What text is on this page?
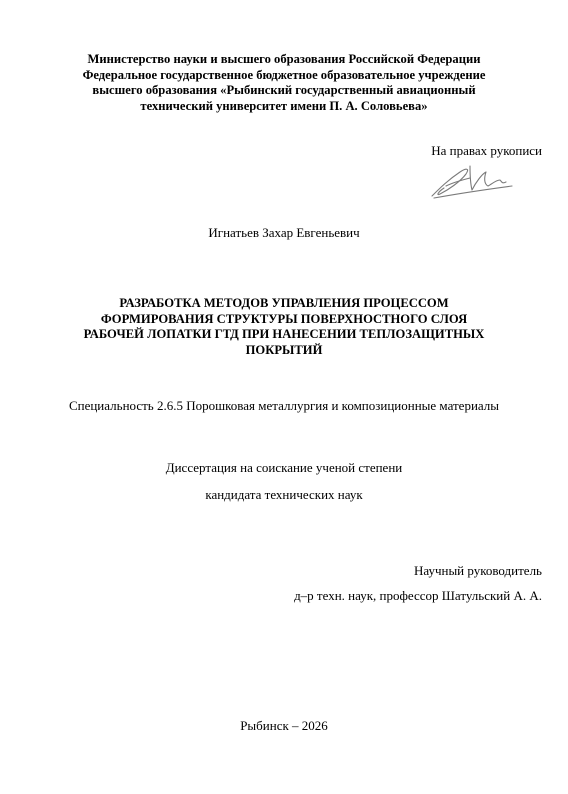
Министерство науки и высшего образования Российской Федерации
Федеральное государственное бюджетное образовательное учреждение
высшего образования «Рыбинский государственный авиационный
технический университет имени П. А. Соловьева»
На правах рукописи
Игнатьев Захар Евгеньевич
РАЗРАБОТКА МЕТОДОВ УПРАВЛЕНИЯ ПРОЦЕССОМ
ФОРМИРОВАНИЯ СТРУКТУРЫ ПОВЕРХНОСТНОГО СЛОЯ
РАБОЧЕЙ ЛОПАТКИ ГТД ПРИ НАНЕСЕНИИ ТЕПЛОЗАЩИТНЫХ
ПОКРЫТИЙ
Специальность 2.6.5 Порошковая металлургия и композиционные материалы
Диссертация на соискание ученой степени
кандидата технических наук
Научный руководитель
д–р техн. наук, профессор Шатульский А. А.
Рыбинск – 2026
